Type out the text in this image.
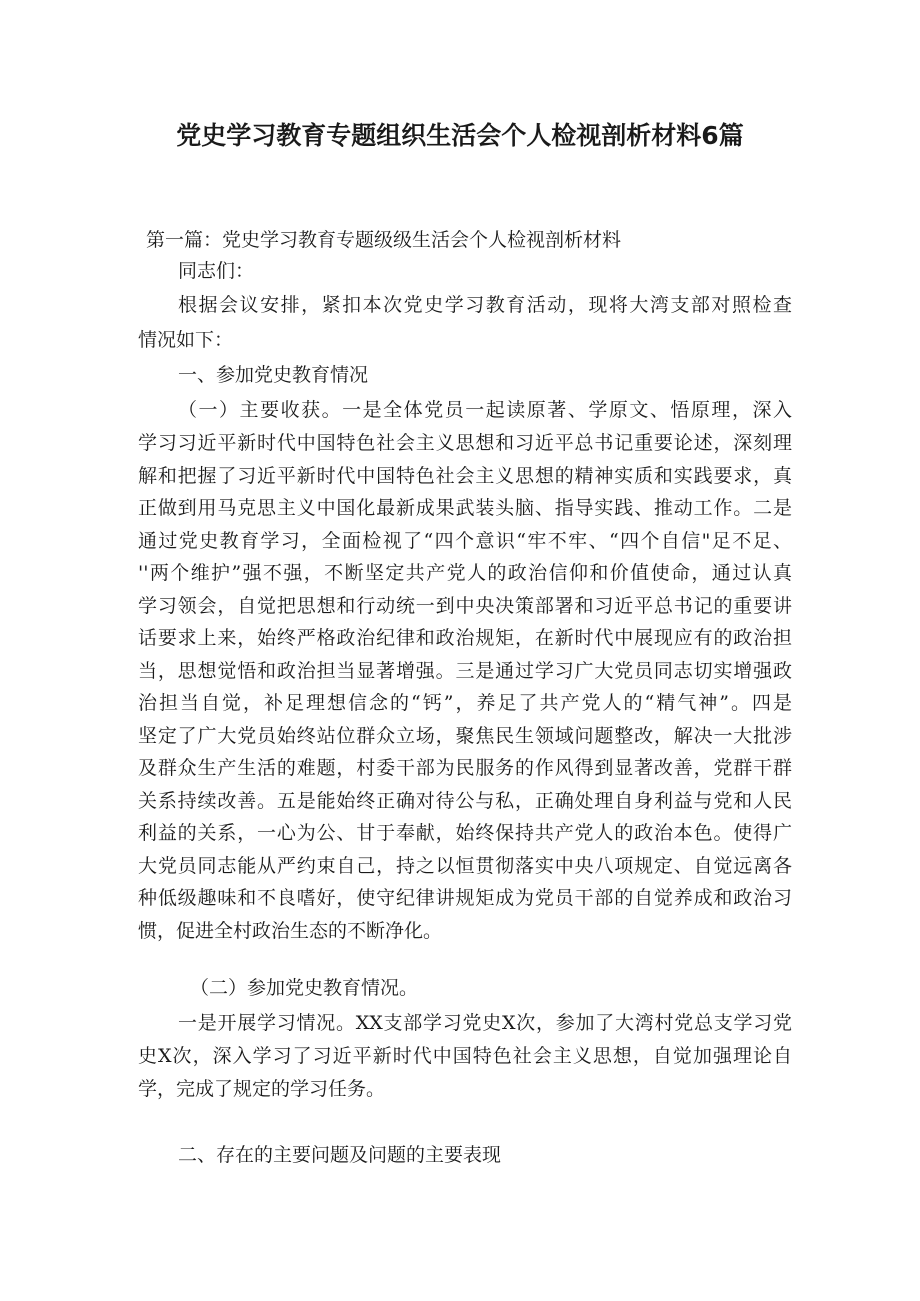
党史学习教育专题组织生活会个人检视剖析材料6篇

第一篇：党史学习教育专题级级生活会个人检视剖析材料

同志们：

根据会议安排，紧扣本次党史学习教育活动，现将大湾支部对照检查
情况如下：

一、参加党史教育情况

（一）主要收获。一是全体党员一起读原著、学原文、悟原理，深入
学习习近平新时代中国特色社会主义思想和习近平总书记重要论述，深刻理
解和把握了习近平新时代中国特色社会主义思想的精神实质和实践要求，真
正做到用马克思主义中国化最新成果武装头脑、指导实践、推动工作。二是
通过党史教育学习，全面检视了“四个意识“牢不牢、“四个自信"足不足、
''两个维护”强不强，不断坚定共产党人的政治信仰和价值使命，通过认真
学习领会，自觉把思想和行动统一到中央决策部署和习近平总书记的重要讲
话要求上来，始终严格政治纪律和政治规矩，在新时代中展现应有的政治担
当，思想觉悟和政治担当显著增强。三是通过学习广大党员同志切实增强政
治担当自觉，补足理想信念的“钙”，养足了共产党人的“精气神”。四是
坚定了广大党员始终站位群众立场，聚焦民生领域问题整改，解决一大批涉
及群众生产生活的难题，村委干部为民服务的作风得到显著改善，党群干群
关系持续改善。五是能始终正确对待公与私，正确处理自身利益与党和人民
利益的关系，一心为公、甘于奉献，始终保持共产党人的政治本色。使得广
大党员同志能从严约束自己，持之以恒贯彻落实中央八项规定、自觉远离各
种低级趣味和不良嗜好，使守纪律讲规矩成为党员干部的自觉养成和政治习
惯，促进全村政治生态的不断净化。

（二）参加党史教育情况。

一是开展学习情况。XX支部学习党史X次，参加了大湾村党总支学习党
史X次，深入学习了习近平新时代中国特色社会主义思想，自觉加强理论自
学，完成了规定的学习任务。

二、存在的主要问题及问题的主要表现
